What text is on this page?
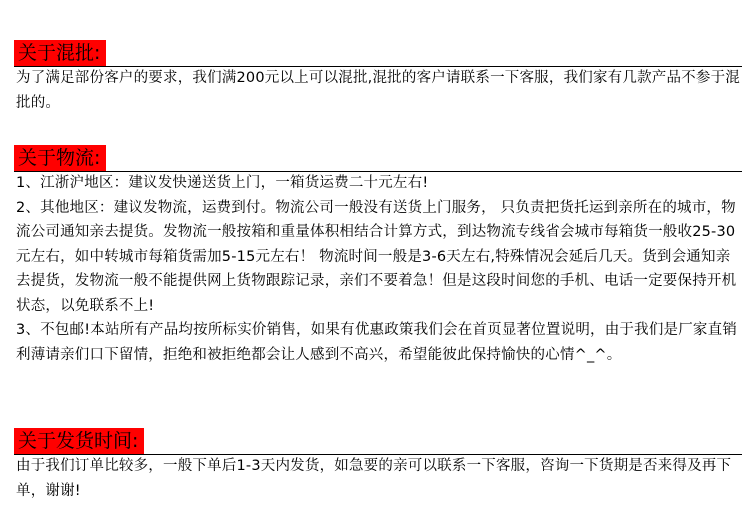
关于混批:

为了满足部份客户的要求，我们满200元以上可以混批,混批的客户请联系一下客服，我们家有几款产品不参于混批的。

关于物流:

1、江浙沪地区：建议发快递送货上门，一箱货运费二十元左右!

2、其他地区：建议发物流，运费到付。物流公司一般没有送货上门服务， 只负责把货托运到亲所在的城市，物流公司通知亲去提货。发物流一般按箱和重量体积相结合计算方式，到达物流专线省会城市每箱货一般收25-30元左右，如中转城市每箱货需加5-15元左右！ 物流时间一般是3-6天左右,特殊情况会延后几天。货到会通知亲去提货，发物流一般不能提供网上货物跟踪记录，亲们不要着急！但是这段时间您的手机、电话一定要保持开机状态，以免联系不上!

3、不包邮!本站所有产品均按所标实价销售，如果有优惠政策我们会在首页显著位置说明，由于我们是厂家直销利薄请亲们口下留情，拒绝和被拒绝都会让人感到不高兴，希望能彼此保持愉快的心情^_^。

关于发货时间:

由于我们订单比较多，一般下单后1-3天内发货，如急要的亲可以联系一下客服，咨询一下货期是否来得及再下单，谢谢!
